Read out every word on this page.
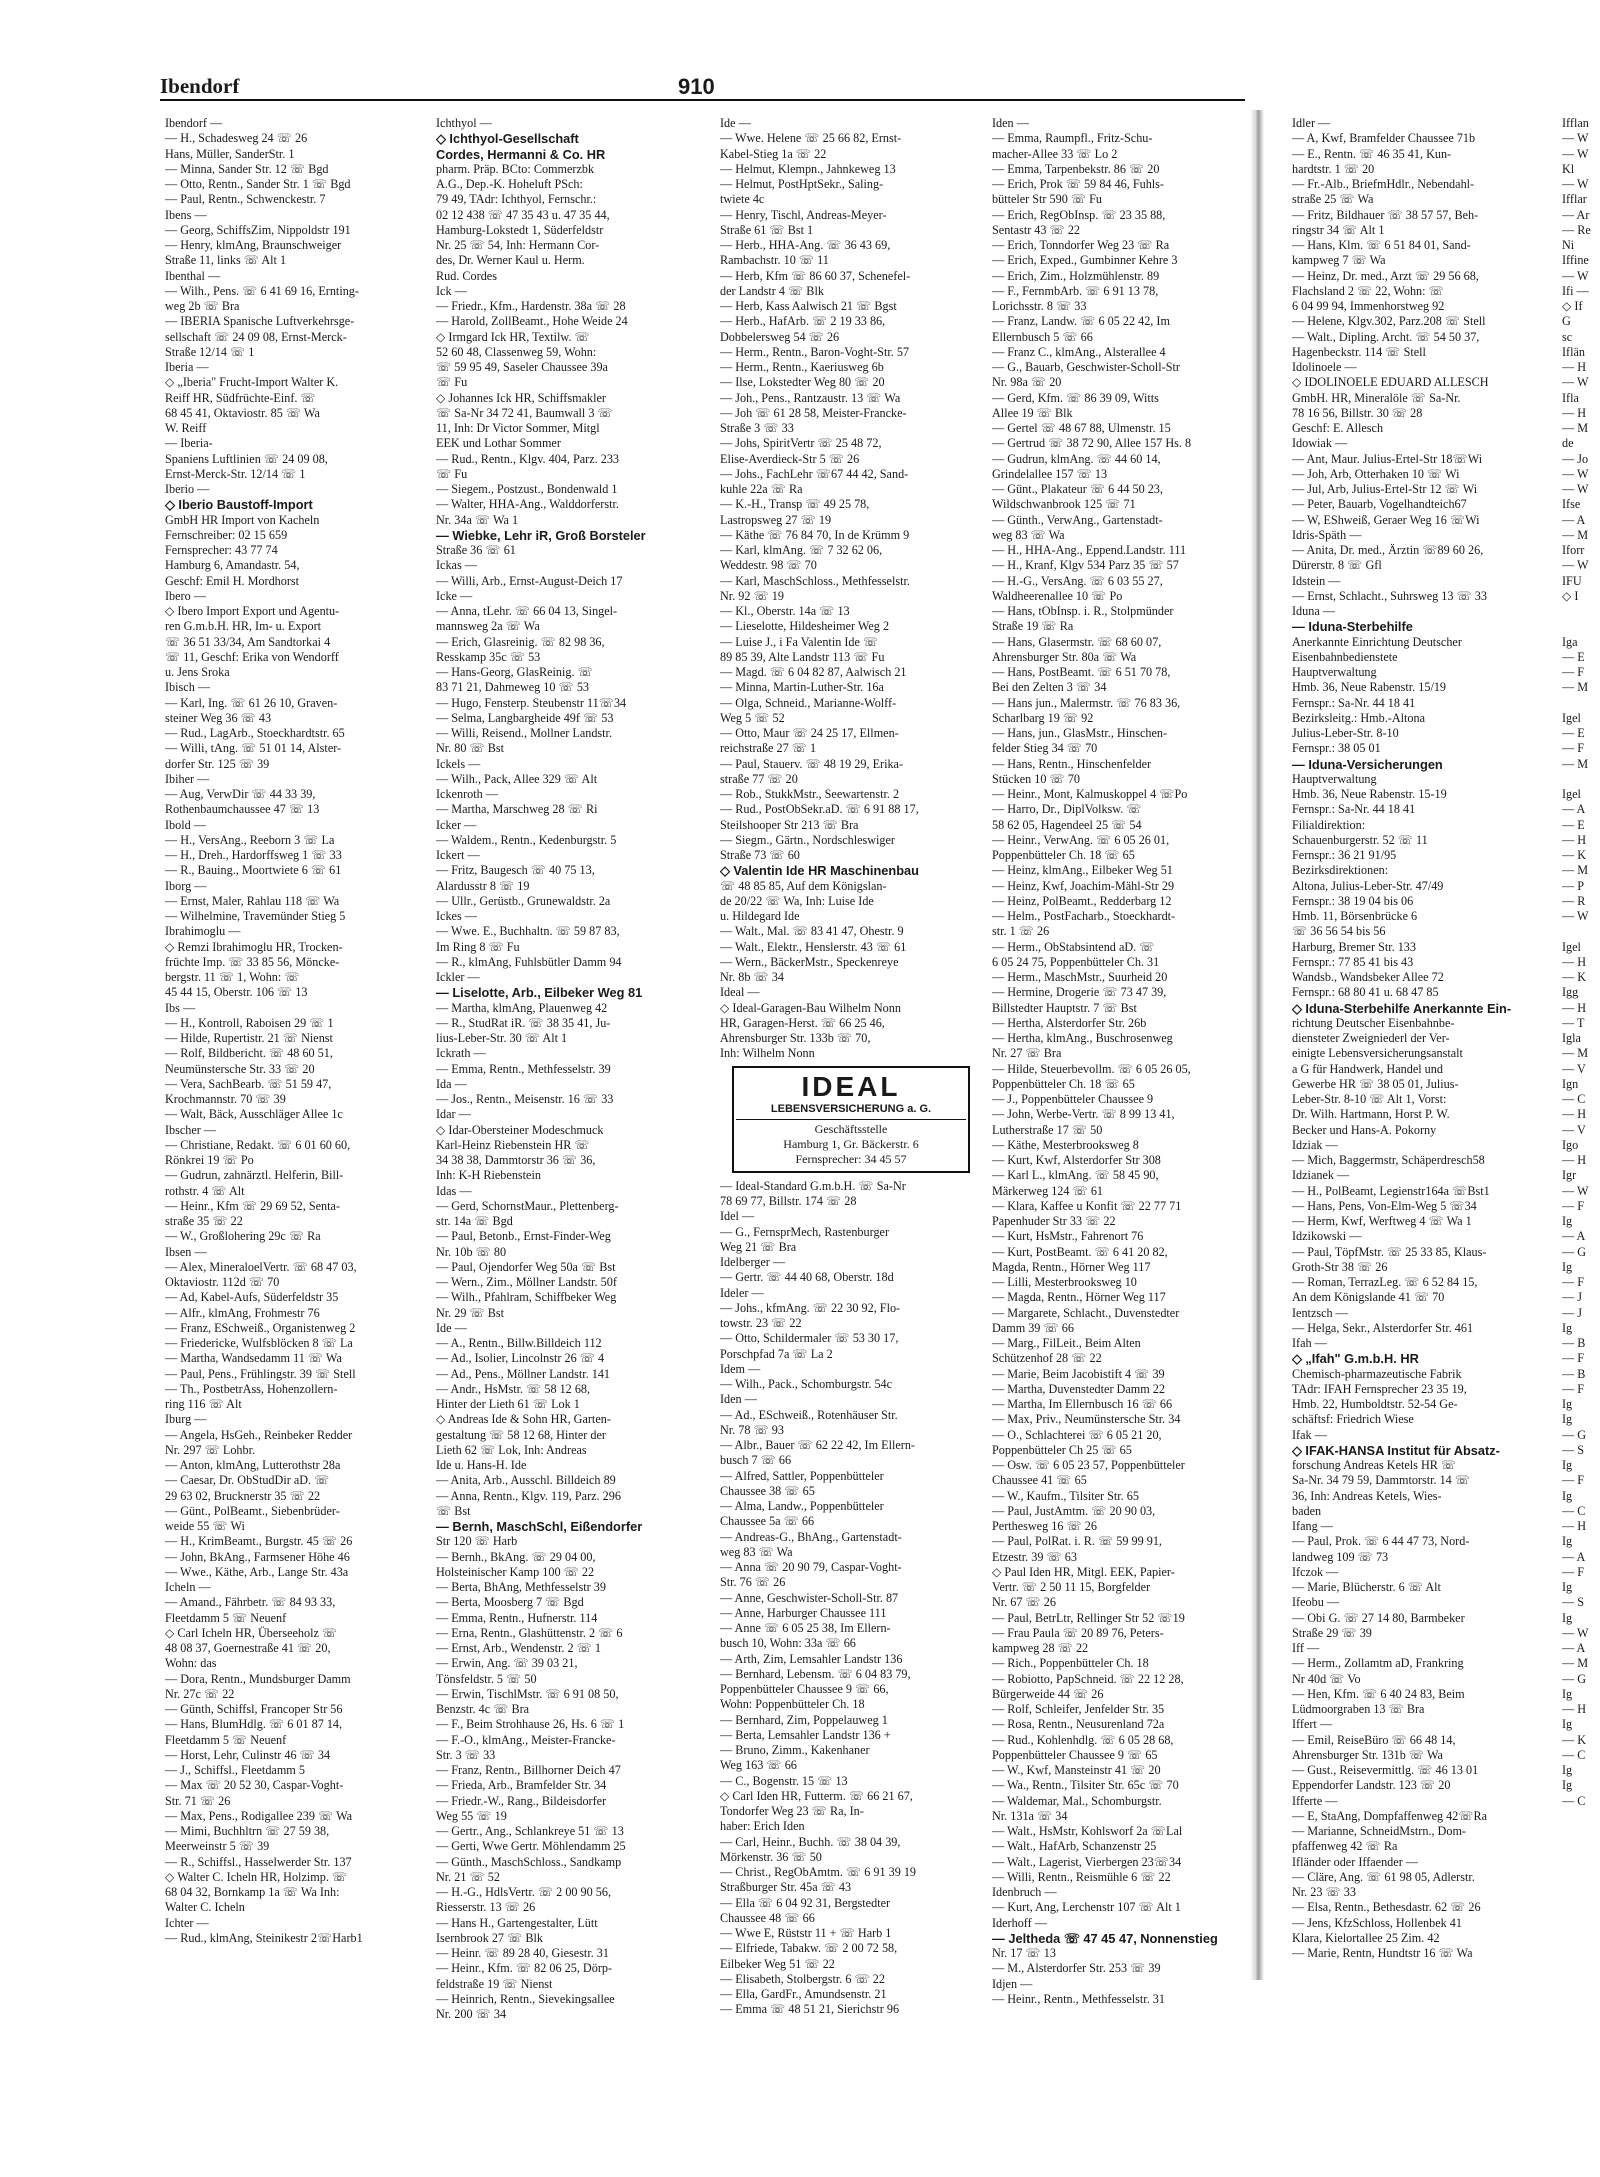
Ibendorf	910
Ibendorf —
— H., Schadesweg 24 ☏ 26
Hans, Müller, SanderStr. 1
— Minna, Sander Str. 12 ☏ Bgd
— Otto, Rentn., Sander Str. 1 ☏ Bgd
— Paul, Rentn., Schwenckestr. 7
Ibens —
— Georg, SchiffsZim, Nippoldstr 191
— Henry, klmAng, Braunschweiger
Straße 11, links ☏ Alt 1
Ibenthal —
— Wilh., Pens. ☏ 6 41 69 16, Ernting-
weg 2b ☏ Bra
— IBERIA Spanische Luftverkehrsge-
sellschaft ☏ 24 09 08, Ernst-Merck-
Straße 12/14 ☏ 1
Iberia —
◇ „Iberia" Frucht-Import Walter K.
Reiff HR, Südfrüchte-Einf. ☏
68 45 41, Oktaviostr. 85 ☏ Wa
W. Reiff
— Iberia-
Spaniens Luftlinien ☏ 24 09 08,
Ernst-Merck-Str. 12/14 ☏ 1
Iberio —
◇ Iberio Baustoff-Import
GmbH HR Import von Kacheln
Fernschreiber: 02 15 659
Fernsprecher: 43 77 74
Hamburg 6, Amandastr. 54,
Geschf: Emil H. Mordhorst
Ibero —
◇ Ibero Import Export und Agentu-
ren G.m.b.H. HR, Im- u. Export
☏ 36 51 33/34, Am Sandtorkai 4
☏ 11, Geschf: Erika von Wendorff
u. Jens Sroka
Ibisch —
— Karl, Ing. ☏ 61 26 10, Graven-
steiner Weg 36 ☏ 43
— Rud., LagArb., Stoeckhardtstr. 65
— Willi, tAng. ☏ 51 01 14, Alster-
dorfer Str. 125 ☏ 39
Ibiher —
— Aug, VerwDir ☏ 44 33 39,
Rothenbaumchaussee 47 ☏ 13
Ibold —
— H., VersAng., Reeborn 3 ☏ La
— H., Dreh., Hardorffsweg 1 ☏ 33
— R., Bauing., Moortwiete 6 ☏ 61
Iborg —
— Ernst, Maler, Rahlau 118 ☏ Wa
— Wilhelmine, Travemünder Stieg 5
Ibrahimoglu —
◇ Remzi Ibrahimoglu HR, Trocken-
früchte Imp. ☏ 33 85 56, Möncke-
bergstr. 11 ☏ 1, Wohn: ☏
45 44 15, Oberstr. 106 ☏ 13
Ibs —
— H., Kontroll, Raboisen 29 ☏ 1
— Hilde, Rupertistr. 21 ☏ Nienst
— Rolf, Bildbericht. ☏ 48 60 51,
Neumünstersche Str. 33 ☏ 20
— Vera, SachBearb. ☏ 51 59 47,
Krochmannstr. 70 ☏ 39
— Walt, Bäck, Ausschläger Allee 1c
Ibscher —
— Christiane, Redakt. ☏ 6 01 60 60,
Rönkrei 19 ☏ Po
— Gudrun, zahnärztl. Helferin, Bill-
rothstr. 4 ☏ Alt
— Heinr., Kfm ☏ 29 69 52, Senta-
straße 35 ☏ 22
— W., Großlohering 29c ☏ Ra
Ibsen —
— Alex, MineraloelVertr. ☏ 68 47 03,
Oktaviostr. 112d ☏ 70
— Ad, Kabel-Aufs, Süderfeldstr 35
— Alfr., klmAng, Frohmestr 76
— Franz, ESchweiß., Organistenweg 2
— Friedericke, Wulfsblöcken 8 ☏ La
— Martha, Wandsedamm 11 ☏ Wa
— Paul, Pens., Frühlingstr. 39 ☏ Stell
— Th., PostbetrAss, Hohenzollern-
ring 116 ☏ Alt
Iburg —
— Angela, HsGeh., Reinbeker Redder
Nr. 297 ☏ Lohbr.
— Anton, klmAng, Lutterothstr 28a
— Caesar, Dr. ObStudDir aD. ☏
29 63 02, Brucknerstr 35 ☏ 22
— Günt., PolBeamt., Siebenbrüder-
weide 55 ☏ Wi
— H., KrimBeamt., Burgstr. 45 ☏ 26
— John, BkAng., Farmsener Höhe 46
— Wwe., Käthe, Arb., Lange Str. 43a
Icheln —
— Amand., Fährbetr. ☏ 84 93 33,
Fleetdamm 5 ☏ Neuenf
◇ Carl Icheln HR, Überseeholz ☏
48 08 37, Goernestraße 41 ☏ 20,
Wohn: das
— Dora, Rentn., Mundsburger Damm
Nr. 27c ☏ 22
— Günth, Schiffsl, Francoper Str 56
— Hans, BlumHdlg. ☏ 6 01 87 14,
Fleetdamm 5 ☏ Neuenf
— Horst, Lehr, Culinstr 46 ☏ 34
— J., Schiffsl., Fleetdamm 5
— Max ☏ 20 52 30, Caspar-Voght-
Str. 71 ☏ 26
— Max, Pens., Rodigallee 239 ☏ Wa
— Mimi, Buchhltrn ☏ 27 59 38,
Meerweinstr 5 ☏ 39
— R., Schiffsl., Hasselwerder Str. 137
◇ Walter C. Icheln HR, Holzimp. ☏
68 04 32, Bornkamp 1a ☏ Wa Inh:
Walter C. Icheln
Ichter —
— Rud., klmAng, Steinikestr 2☏Harb1
Ichthyol —
◇ Ichthyol-Gesellschaft
Cordes, Hermanni & Co. HR
pharm. Präp. BCto: Commerzbk
A.G., Dep.-K. Hoheluft PSch:
79 49, TAdr: Ichthyol, Fernschr.:
02 12 438 ☏ 47 35 43 u. 47 35 44,
Hamburg-Lokstedt 1, Süderfeldstr
Nr. 25 ☏ 54, Inh: Hermann Cor-
des, Dr. Werner Kaul u. Herm.
Rud. Cordes
Ick —
— Friedr., Kfm., Hardenstr. 38a ☏ 28
— Harold, ZollBeamt., Hohe Weide 24
◇ Irmgard Ick HR, Textilw. ☏
52 60 48, Classenweg 59, Wohn:
☏ 59 95 49, Saseler Chaussee 39a
☏ Fu
◇ Johannes Ick HR, Schiffsmakler
☏ Sa-Nr 34 72 41, Baumwall 3 ☏
11, Inh: Dr Victor Sommer, Mitgl
EEK und Lothar Sommer
— Rud., Rentn., Klgv. 404, Parz. 233
☏ Fu
— Siegem., Postzust., Bondenwald 1
— Walter, HHA-Ang., Walddorferstr.
Nr. 34a ☏ Wa 1
— Wiebke, Lehr iR, Groß Borsteler
Straße 36 ☏ 61
Ickas —
— Willi, Arb., Ernst-August-Deich 17
Icke —
— Anna, tLehr. ☏ 66 04 13, Singel-
mannsweg 2a ☏ Wa
— Erich, Glasreinig. ☏ 82 98 36,
Resskamp 35c ☏ 53
— Hans-Georg, GlasReinig. ☏
83 71 21, Dahmeweg 10 ☏ 53
— Hugo, Fensterp. Steubenstr 11☏34
— Selma, Langbargheide 49f ☏ 53
— Willi, Reisend., Mollner Landstr.
Nr. 80 ☏ Bst
Ickels —
— Wilh., Pack, Allee 329 ☏ Alt
Ickenroth —
— Martha, Marschweg 28 ☏ Ri
Icker —
— Waldem., Rentn., Kedenburgstr. 5
Ickert —
— Fritz, Baugesch ☏ 40 75 13,
Alardusstr 8 ☏ 19
— Ullr., Gerüstb., Grunewaldstr. 2a
Ickes —
— Wwe. E., Buchhaltn. ☏ 59 87 83,
Im Ring 8 ☏ Fu
— R., klmAng, Fuhlsbütler Damm 94
Ickler —
— Liselotte, Arb., Eilbeker Weg 81
— Martha, klmAng, Plauenweg 42
— R., StudRat iR. ☏ 38 35 41, Ju-
lius-Leber-Str. 30 ☏ Alt 1
Ickrath —
— Emma, Rentn., Methfesselstr. 39
Ida —
— Jos., Rentn., Meisenstr. 16 ☏ 33
Idar —
◇ Idar-Obersteiner Modeschmuck
Karl-Heinz Riebenstein HR ☏
34 38 38, Dammtorstr 36 ☏ 36,
Inh: K-H Riebenstein
Idas —
— Gerd, SchornstMaur., Plettenberg-
str. 14a ☏ Bgd
— Paul, Betonb., Ernst-Finder-Weg
Nr. 10b ☏ 80
— Paul, Ojendorfer Weg 50a ☏ Bst
— Wern., Zim., Möllner Landstr. 50f
— Wilh., Pfahlram, Schiffbeker Weg
Nr. 29 ☏ Bst
Ide —
— A., Rentn., Billw.Billdeich 112
— Ad., Isolier, Lincolnstr 26 ☏ 4
— Ad., Pens., Möllner Landstr. 141
— Andr., HsMstr. ☏ 58 12 68,
Hinter der Lieth 61 ☏ Lok 1
◇ Andreas Ide & Sohn HR, Garten-
gestaltung ☏ 58 12 68, Hinter der
Lieth 62 ☏ Lok, Inh: Andreas
Ide u. Hans-H. Ide
— Anita, Arb., Ausschl. Billdeich 89
— Anna, Rentn., Klgv. 119, Parz. 296
☏ Bst
— Bernh, MaschSchl, Eißendorfer
Str 120 ☏ Harb
— Bernh., BkAng. ☏ 29 04 00,
Holsteinischer Kamp 100 ☏ 22
— Berta, BhAng, Methfesselstr 39
— Berta, Moosberg 7 ☏ Bgd
— Emma, Rentn., Hufnerstr. 114
— Erna, Rentn., Glashüttenstr. 2 ☏ 6
— Ernst, Arb., Wendenstr. 2 ☏ 1
— Erwin, Ang. ☏ 39 03 21,
Tönsfeldstr. 5 ☏ 50
— Erwin, TischlMstr. ☏ 6 91 08 50,
Benzstr. 4c ☏ Bra
— F., Beim Strohhause 26, Hs. 6 ☏ 1
— F.-O., klmAng., Meister-Francke-
Str. 3 ☏ 33
— Franz, Rentn., Billhorner Deich 47
— Frieda, Arb., Bramfelder Str. 34
— Friedr.-W., Rang., Bildeisdorfer
Weg 55 ☏ 19
— Gertr., Ang., Schlankreye 51 ☏ 13
— Gerti, Wwe Gertr. Möhlendamm 25
— Günth., MaschSchloss., Sandkamp
Nr. 21 ☏ 52
— H.-G., HdlsVertr. ☏ 2 00 90 56,
Riesserstr. 13 ☏ 26
— Hans H., Gartengestalter, Lütt
Isernbrook 27 ☏ Blk
— Heinr. ☏ 89 28 40, Giesestr. 31
— Heinr., Kfm. ☏ 82 06 25, Dörp-
feldstraße 19 ☏ Nienst
— Heinrich, Rentn., Sievekingsallee
Nr. 200 ☏ 34
Ide —
— Wwe. Helene ☏ 25 66 82, Ernst-
Kabel-Stieg 1a ☏ 22
— Helmut, Klempn., Jahnkeweg 13
— Helmut, PostHptSekr., Saling-
twiete 4c
— Henry, Tischl, Andreas-Meyer-
Straße 61 ☏ Bst 1
— Herb., HHA-Ang. ☏ 36 43 69,
Rambachstr. 10 ☏ 11
— Herb, Kfm ☏ 86 60 37, Schenefel-
der Landstr 4 ☏ Blk
— Herb, Kass Aalwisch 21 ☏ Bgst
— Herb., HafArb. ☏ 2 19 33 86,
Dobbelersweg 54 ☏ 26
— Herm., Rentn., Baron-Voght-Str. 57
— Herm., Rentn., Kaeriusweg 6b
— Ilse, Lokstedter Weg 80 ☏ 20
— Joh., Pens., Rantzaustr. 13 ☏ Wa
— Joh ☏ 61 28 58, Meister-Francke-
Straße 3 ☏ 33
— Johs, SpiritVertr ☏ 25 48 72,
Elise-Averdieck-Str 5 ☏ 26
— Johs., FachLehr ☏67 44 42, Sand-
kuhle 22a ☏ Ra
— K.-H., Transp ☏ 49 25 78,
Lastropsweg 27 ☏ 19
— Käthe ☏ 76 84 70, In de Krümm 9
— Karl, klmAng. ☏ 7 32 62 06,
Weddestr. 98 ☏ 70
— Karl, MaschSchloss., Methfesselstr.
Nr. 92 ☏ 19
— Kl., Oberstr. 14a ☏ 13
— Lieselotte, Hildesheimer Weg 2
— Luise J., i Fa Valentin Ide ☏
89 85 39, Alte Landstr 113 ☏ Fu
— Magd. ☏ 6 04 82 87, Aalwisch 21
— Minna, Martin-Luther-Str. 16a
— Olga, Schneid., Marianne-Wolff-
Weg 5 ☏ 52
— Otto, Maur ☏ 24 25 17, Ellmen-
reichstraße 27 ☏ 1
— Paul, Stauerv. ☏ 48 19 29, Erika-
straße 77 ☏ 20
— Rob., StukkMstr., Seewartenstr. 2
— Rud., PostObSekr.aD. ☏ 6 91 88 17,
Steilshooper Str 213 ☏ Bra
— Siegm., Gärtn., Nordschleswiger
Straße 73 ☏ 60
◇ Valentin Ide HR Maschinenbau
☏ 48 85 85, Auf dem Königslan-
de 20/22 ☏ Wa, Inh: Luise Ide
u. Hildegard Ide
— Walt., Mal. ☏ 83 41 47, Ohestr. 9
— Walt., Elektr., Henslerstr. 43 ☏ 61
— Wern., BäckerMstr., Speckenreye
Nr. 8b ☏ 34
Ideal —
◇ Ideal-Garagen-Bau Wilhelm Nonn
HR, Garagen-Herst. ☏ 66 25 46,
Ahrensburger Str. 133b ☏ 70,
Inh: Wilhelm Nonn
IDEAL
LEBENSVERSICHERUNG a. G.
Geschäftsstelle
Hamburg 1, Gr. Bäckerstr. 6
Fernsprecher: 34 45 57
— Ideal-Standard G.m.b.H. ☏ Sa-Nr
78 69 77, Billstr. 174 ☏ 28
Idel —
— G., FernsprMech, Rastenburger
Weg 21 ☏ Bra
Idelberger —
— Gertr. ☏ 44 40 68, Oberstr. 18d
Ideler —
— Johs., kfmAng. ☏ 22 30 92, Flo-
towstr. 23 ☏ 22
— Otto, Schildermaler ☏ 53 30 17,
Porschpfad 7a ☏ La 2
Idem —
— Wilh., Pack., Schomburgstr. 54c
Iden —
— Ad., ESchweiß., Rotenhäuser Str.
Nr. 78 ☏ 93
— Albr., Bauer ☏ 62 22 42, Im Ellern-
busch 7 ☏ 66
— Alfred, Sattler, Poppenbütteler
Chaussee 38 ☏ 65
— Alma, Landw., Poppenbütteler
Chaussee 5a ☏ 66
— Andreas-G., BhAng., Gartenstadt-
weg 83 ☏ Wa
— Anna ☏ 20 90 79, Caspar-Voght-
Str. 76 ☏ 26
— Anne, Geschwister-Scholl-Str. 87
— Anne, Harburger Chaussee 111
— Anne ☏ 6 05 25 38, Im Ellern-
busch 10, Wohn: 33a ☏ 66
— Arth, Zim, Lemsahler Landstr 136
— Bernhard, Lebensm. ☏ 6 04 83 79,
Poppenbütteler Chaussee 9 ☏ 66,
Wohn: Poppenbütteler Ch. 18
— Bernhard, Zim, Poppelauweg 1
— Berta, Lemsahler Landstr 136 +
— Bruno, Zimm., Kakenhaner
Weg 163 ☏ 66
— C., Bogenstr. 15 ☏ 13
◇ Carl Iden HR, Futterm. ☏ 66 21 67,
Tondorfer Weg 23 ☏ Ra, In-
haber: Erich Iden
— Carl, Heinr., Buchh. ☏ 38 04 39,
Mörkenstr. 36 ☏ 50
— Christ., RegObAmtm. ☏ 6 91 39 19
Straßburger Str. 45a ☏ 43
— Ella ☏ 6 04 92 31, Bergstedter
Chaussee 48 ☏ 66
— Wwe E, Rüststr 11 + ☏ Harb 1
— Elfriede, Tabakw. ☏ 2 00 72 58,
Eilbeker Weg 51 ☏ 22
— Elisabeth, Stolbergstr. 6 ☏ 22
— Ella, GardFr., Amundsenstr. 21
— Emma ☏ 48 51 21, Sierichstr 96
Iden —
— Emma, Raumpfl., Fritz-Schu-
macher-Allee 33 ☏ Lo 2
— Emma, Tarpenbekstr. 86 ☏ 20
— Erich, Prok ☏ 59 84 46, Fuhls-
bütteler Str 590 ☏ Fu
— Erich, RegObInsp. ☏ 23 35 88,
Sentastr 43 ☏ 22
— Erich, Tonndorfer Weg 23 ☏ Ra
— Erich, Exped., Gumbinner Kehre 3
— Erich, Zim., Holzmühlenstr. 89
— F., FernmbArb. ☏ 6 91 13 78,
Lorichsstr. 8 ☏ 33
— Franz, Landw. ☏ 6 05 22 42, Im
Ellernbusch 5 ☏ 66
— Franz C., klmAng., Alsterallee 4
— G., Bauarb, Geschwister-Scholl-Str
Nr. 98a ☏ 20
— Gerd, Kfm. ☏ 86 39 09, Witts
Allee 19 ☏ Blk
— Gertel ☏ 48 67 88, Ulmenstr. 15
— Gertrud ☏ 38 72 90, Allee 157 Hs. 8
— Gudrun, klmAng. ☏ 44 60 14,
Grindelallee 157 ☏ 13
— Günt., Plakateur ☏ 6 44 50 23,
Wildschwanbrook 125 ☏ 71
— Günth., VerwAng., Gartenstadt-
weg 83 ☏ Wa
— H., HHA-Ang., Eppend.Landstr. 111
— H., Kranf, Klgv 534 Parz 35 ☏ 57
— H.-G., VersAng. ☏ 6 03 55 27,
Waldheerenallee 10 ☏ Po
— Hans, tObInsp. i. R., Stolpmünder
Straße 19 ☏ Ra
— Hans, Glasermstr. ☏ 68 60 07,
Ahrensburger Str. 80a ☏ Wa
— Hans, PostBeamt. ☏ 6 51 70 78,
Bei den Zelten 3 ☏ 34
— Hans jun., Malermstr. ☏ 76 83 36,
Scharlbarg 19 ☏ 92
— Hans, jun., GlasMstr., Hinschen-
felder Stieg 34 ☏ 70
— Hans, Rentn., Hinschenfelder
Stücken 10 ☏ 70
— Heinr., Mont, Kalmuskoppel 4 ☏Po
— Harro, Dr., DiplVolksw. ☏
58 62 05, Hagendeel 25 ☏ 54
— Heinr., VerwAng. ☏ 6 05 26 01,
Poppenbütteler Ch. 18 ☏ 65
— Heinz, klmAng., Eilbeker Weg 51
— Heinz, Kwf, Joachim-Mähl-Str 29
— Heinz, PolBeamt., Redderbarg 12
— Helm., PostFacharb., Stoeckhardt-
str. 1 ☏ 26
— Herm., ObStabsintend aD. ☏
6 05 24 75, Poppenbütteler Ch. 31
— Herm., MaschMstr., Suurheid 20
— Hermine, Drogerie ☏ 73 47 39,
Billstedter Hauptstr. 7 ☏ Bst
— Hertha, Alsterdorfer Str. 26b
— Hertha, klmAng., Buschrosenweg
Nr. 27 ☏ Bra
— Hilde, Steuerbevollm. ☏ 6 05 26 05,
Poppenbütteler Ch. 18 ☏ 65
— J., Poppenbütteler Chaussee 9
— John, Werbe-Vertr. ☏ 8 99 13 41,
Lutherstraße 17 ☏ 50
— Käthe, Mesterbrooksweg 8
— Kurt, Kwf, Alsterdorfer Str 308
— Karl L., klmAng. ☏ 58 45 90,
Märkerweg 124 ☏ 61
— Klara, Kaffee u Konfit ☏ 22 77 71
Papenhuder Str 33 ☏ 22
— Kurt, HsMstr., Fahrenort 76
— Kurt, PostBeamt. ☏ 6 41 20 82,
Magda, Rentn., Hörner Weg 117
— Lilli, Mesterbrooksweg 10
— Magda, Rentn., Hörner Weg 117
— Margarete, Schlacht., Duvenstedter
Damm 39 ☏ 66
— Marg., FilLeit., Beim Alten
Schützenhof 28 ☏ 22
— Marie, Beim Jacobistift 4 ☏ 39
— Martha, Duvenstedter Damm 22
— Martha, Im Ellernbusch 16 ☏ 66
— Max, Priv., Neumünstersche Str. 34
— O., Schlachterei ☏ 6 05 21 20,
Poppenbütteler Ch 25 ☏ 65
— Osw. ☏ 6 05 23 57, Poppenbütteler
Chaussee 41 ☏ 65
— W., Kaufm., Tilsiter Str. 65
— Paul, JustAmtm. ☏ 20 90 03,
Perthesweg 16 ☏ 26
— Paul, PolRat. i. R. ☏ 59 99 91,
Etzestr. 39 ☏ 63
◇ Paul Iden HR, Mitgl. EEK, Papier-
Vertr. ☏ 2 50 11 15, Borgfelder
Nr. 67 ☏ 26
— Paul, BetrLtr, Rellinger Str 52 ☏19
— Frau Paula ☏ 20 89 76, Peters-
kampweg 28 ☏ 22
— Rich., Poppenbütteler Ch. 18
— Robiotto, PapSchneid. ☏ 22 12 28,
Bürgerweide 44 ☏ 26
— Rolf, Schleifer, Jenfelder Str. 35
— Rosa, Rentn., Neusurenland 72a
— Rud., Kohlenhdlg. ☏ 6 05 28 68,
Poppenbütteler Chaussee 9 ☏ 65
— W., Kwf, Mansteinstr 41 ☏ 20
— Wa., Rentn., Tilsiter Str. 65c ☏ 70
— Waldemar, Mal., Schomburgstr.
Nr. 131a ☏ 34
— Walt., HsMstr, Kohlsworf 2a ☏Lal
— Walt., HafArb, Schanzenstr 25
— Walt., Lagerist, Vierbergen 23☏34
— Willi, Rentn., Reismühle 6 ☏ 22
Idenbruch —
— Kurt, Ang, Lerchenstr 107 ☏ Alt 1
Iderhoff —
— Jeltheda ☏ 47 45 47, Nonnenstieg
Nr. 17 ☏ 13
— M., Alsterdorfer Str. 253 ☏ 39
Idjen —
— Heinr., Rentn., Methfesselstr. 31
Idler —
— A, Kwf, Bramfelder Chaussee 71b
— E., Rentn. ☏ 46 35 41, Kun-
hardtstr. 1 ☏ 20
— Fr.-Alb., BriefmHdlr., Nebendahl-
straße 25 ☏ Wa
— Fritz, Bildhauer ☏ 38 57 57, Beh-
ringstr 34 ☏ Alt 1
— Hans, Klm. ☏ 6 51 84 01, Sand-
kampweg 7 ☏ Wa
— Heinz, Dr. med., Arzt ☏ 29 56 68,
Flachsland 2 ☏ 22, Wohn: ☏
6 04 99 94, Immenhorstweg 92
— Helene, Klgv.302, Parz.208 ☏ Stell
— Walt., Dipling. Archt. ☏ 54 50 37,
Hagenbeckstr. 114 ☏ Stell
Idolinoele —
◇ IDOLINOELE EDUARD ALLESCH
GmbH. HR, Mineralöle ☏ Sa-Nr.
78 16 56, Billstr. 30 ☏ 28
Geschf: E. Allesch
Idowiak —
— Ant, Maur. Julius-Ertel-Str 18☏Wi
— Joh, Arb, Otterhaken 10 ☏ Wi
— Jul, Arb, Julius-Ertel-Str 12 ☏ Wi
— Peter, Bauarb, Vogelhandteich67
— W, EShweiß, Geraer Weg 16 ☏Wi
Idris-Späth —
— Anita, Dr. med., Ärztin ☏89 60 26,
Dürerstr. 8 ☏ Gfl
Idstein —
— Ernst, Schlacht., Suhrsweg 13 ☏ 33
Iduna —
— Iduna-Sterbehilfe
Anerkannte Einrichtung Deutscher
Eisenbahnbedienstete
Hauptverwaltung
Hmb. 36, Neue Rabenstr. 15/19
Fernspr.: Sa-Nr. 44 18 41
Bezirksleitg.: Hmb.-Altona
Julius-Leber-Str. 8-10
Fernspr.: 38 05 01
— Iduna-Versicherungen
Hauptverwaltung
Hmb. 36, Neue Rabenstr. 15-19
Fernspr.: Sa-Nr. 44 18 41
Filialdirektion:
Schauenburgerstr. 52 ☏ 11
Fernspr.: 36 21 91/95
Bezirksdirektionen:
Altona, Julius-Leber-Str. 47/49
Fernspr.: 38 19 04 bis 06
Hmb. 11, Börsenbrücke 6
☏ 36 56 54 bis 56
Harburg, Bremer Str. 133
Fernspr.: 77 85 41 bis 43
Wandsb., Wandsbeker Allee 72
Fernspr.: 68 80 41 u. 68 47 85
◇ Iduna-Sterbehilfe Anerkannte Ein-
richtung Deutscher Eisenbahnbe-
diensteter Zweigniederl der Ver-
einigte Lebensversicherungsanstalt
a G für Handwerk, Handel und
Gewerbe HR ☏ 38 05 01, Julius-
Leber-Str. 8-10 ☏ Alt 1, Vorst:
Dr. Wilh. Hartmann, Horst P. W.
Becker und Hans-A. Pokorny
Idziak —
— Mich, Baggermstr, Schäperdresch58
Idzianek —
— H., PolBeamt, Legienstr164a ☏Bst1
— Hans, Pens, Von-Elm-Weg 5 ☏34
— Herm, Kwf, Werftweg 4 ☏ Wa 1
Idzikowski —
— Paul, TöpfMstr. ☏ 25 33 85, Klaus-
Groth-Str 38 ☏ 26
— Roman, TerrazLeg. ☏ 6 52 84 15,
An dem Königslande 41 ☏ 70
Ientzsch —
— Helga, Sekr., Alsterdorfer Str. 461
Ifah —
◇ „Ifah" G.m.b.H. HR
Chemisch-pharmazeutische Fabrik
TAdr: IFAH Fernsprecher 23 35 19,
Hmb. 22, Humboldtstr. 52-54 Ge-
schäftsf: Friedrich Wiese
Ifak —
◇ IFAK-HANSA Institut für Absatz-
forschung Andreas Ketels HR ☏
Sa-Nr. 34 79 59, Dammtorstr. 14 ☏
36, Inh: Andreas Ketels, Wies-
baden
Ifang —
— Paul, Prok. ☏ 6 44 47 73, Nord-
landweg 109 ☏ 73
Ifczok —
— Marie, Blücherstr. 6 ☏ Alt
Ifeobu —
— Obi G. ☏ 27 14 80, Barmbeker
Straße 29 ☏ 39
Iff —
— Herm., Zollamtm aD, Frankring
Nr 40d ☏ Vo
— Hen, Kfm. ☏ 6 40 24 83, Beim
Lüdmoorgraben 13 ☏ Bra
Iffert —
— Emil, ReiseBüro ☏ 66 48 14,
Ahrensburger Str. 131b ☏ Wa
— Gust., Reisevermittlg. ☏ 46 13 01
Eppendorfer Landstr. 123 ☏ 20
Ifferte —
— E, StaAng, Dompfaffenweg 42☏Ra
— Marianne, SchneidMstrn., Dom-
pfaffenweg 42 ☏ Ra
Ifländer oder Iffaender —
— Cläre, Ang. ☏ 61 98 05, Adlerstr.
Nr. 23 ☏ 33
— Elsa, Rentn., Bethesdastr. 62 ☏ 26
— Jens, KfzSchloss, Hollenbek 41
Klara, Kielortallee 25 Zim. 42
— Marie, Rentn, Hundtstr 16 ☏ Wa
Ifflan
— W
— W
Kl
— W
Ifflar
— Ar
— Re
Ni
Iffine
— W
Ifi —
◇ If
G
sc
Iflän
— H
— W
Ifla
— H
— M
de
— Jo
— W
— W
Ifse
— A
— M
Iforr
— W
IFU
◇ I

Iga
— E
— F
— M

Igel
— E
— F
— M

Igel
— A
— E
— H
— K
— M
— P
— R
— W

Igel
— H
— K
Igg
— H
— T
Igla
— M
— V
Ign
— C
— H
— V
Igo
— H
Igr
— W
— F
Ig
— A
— G
Ig
— F
— J
— J
Ig
— B
— F
— B
— F
Ig
Ig
— G
— S
Ig
— F
Ig
— C
— H
Ig
— A
— F
Ig
— S
Ig
— W
— A
— M
— G
Ig
— H
Ig
— K
— C
Ig
Ig
— C
